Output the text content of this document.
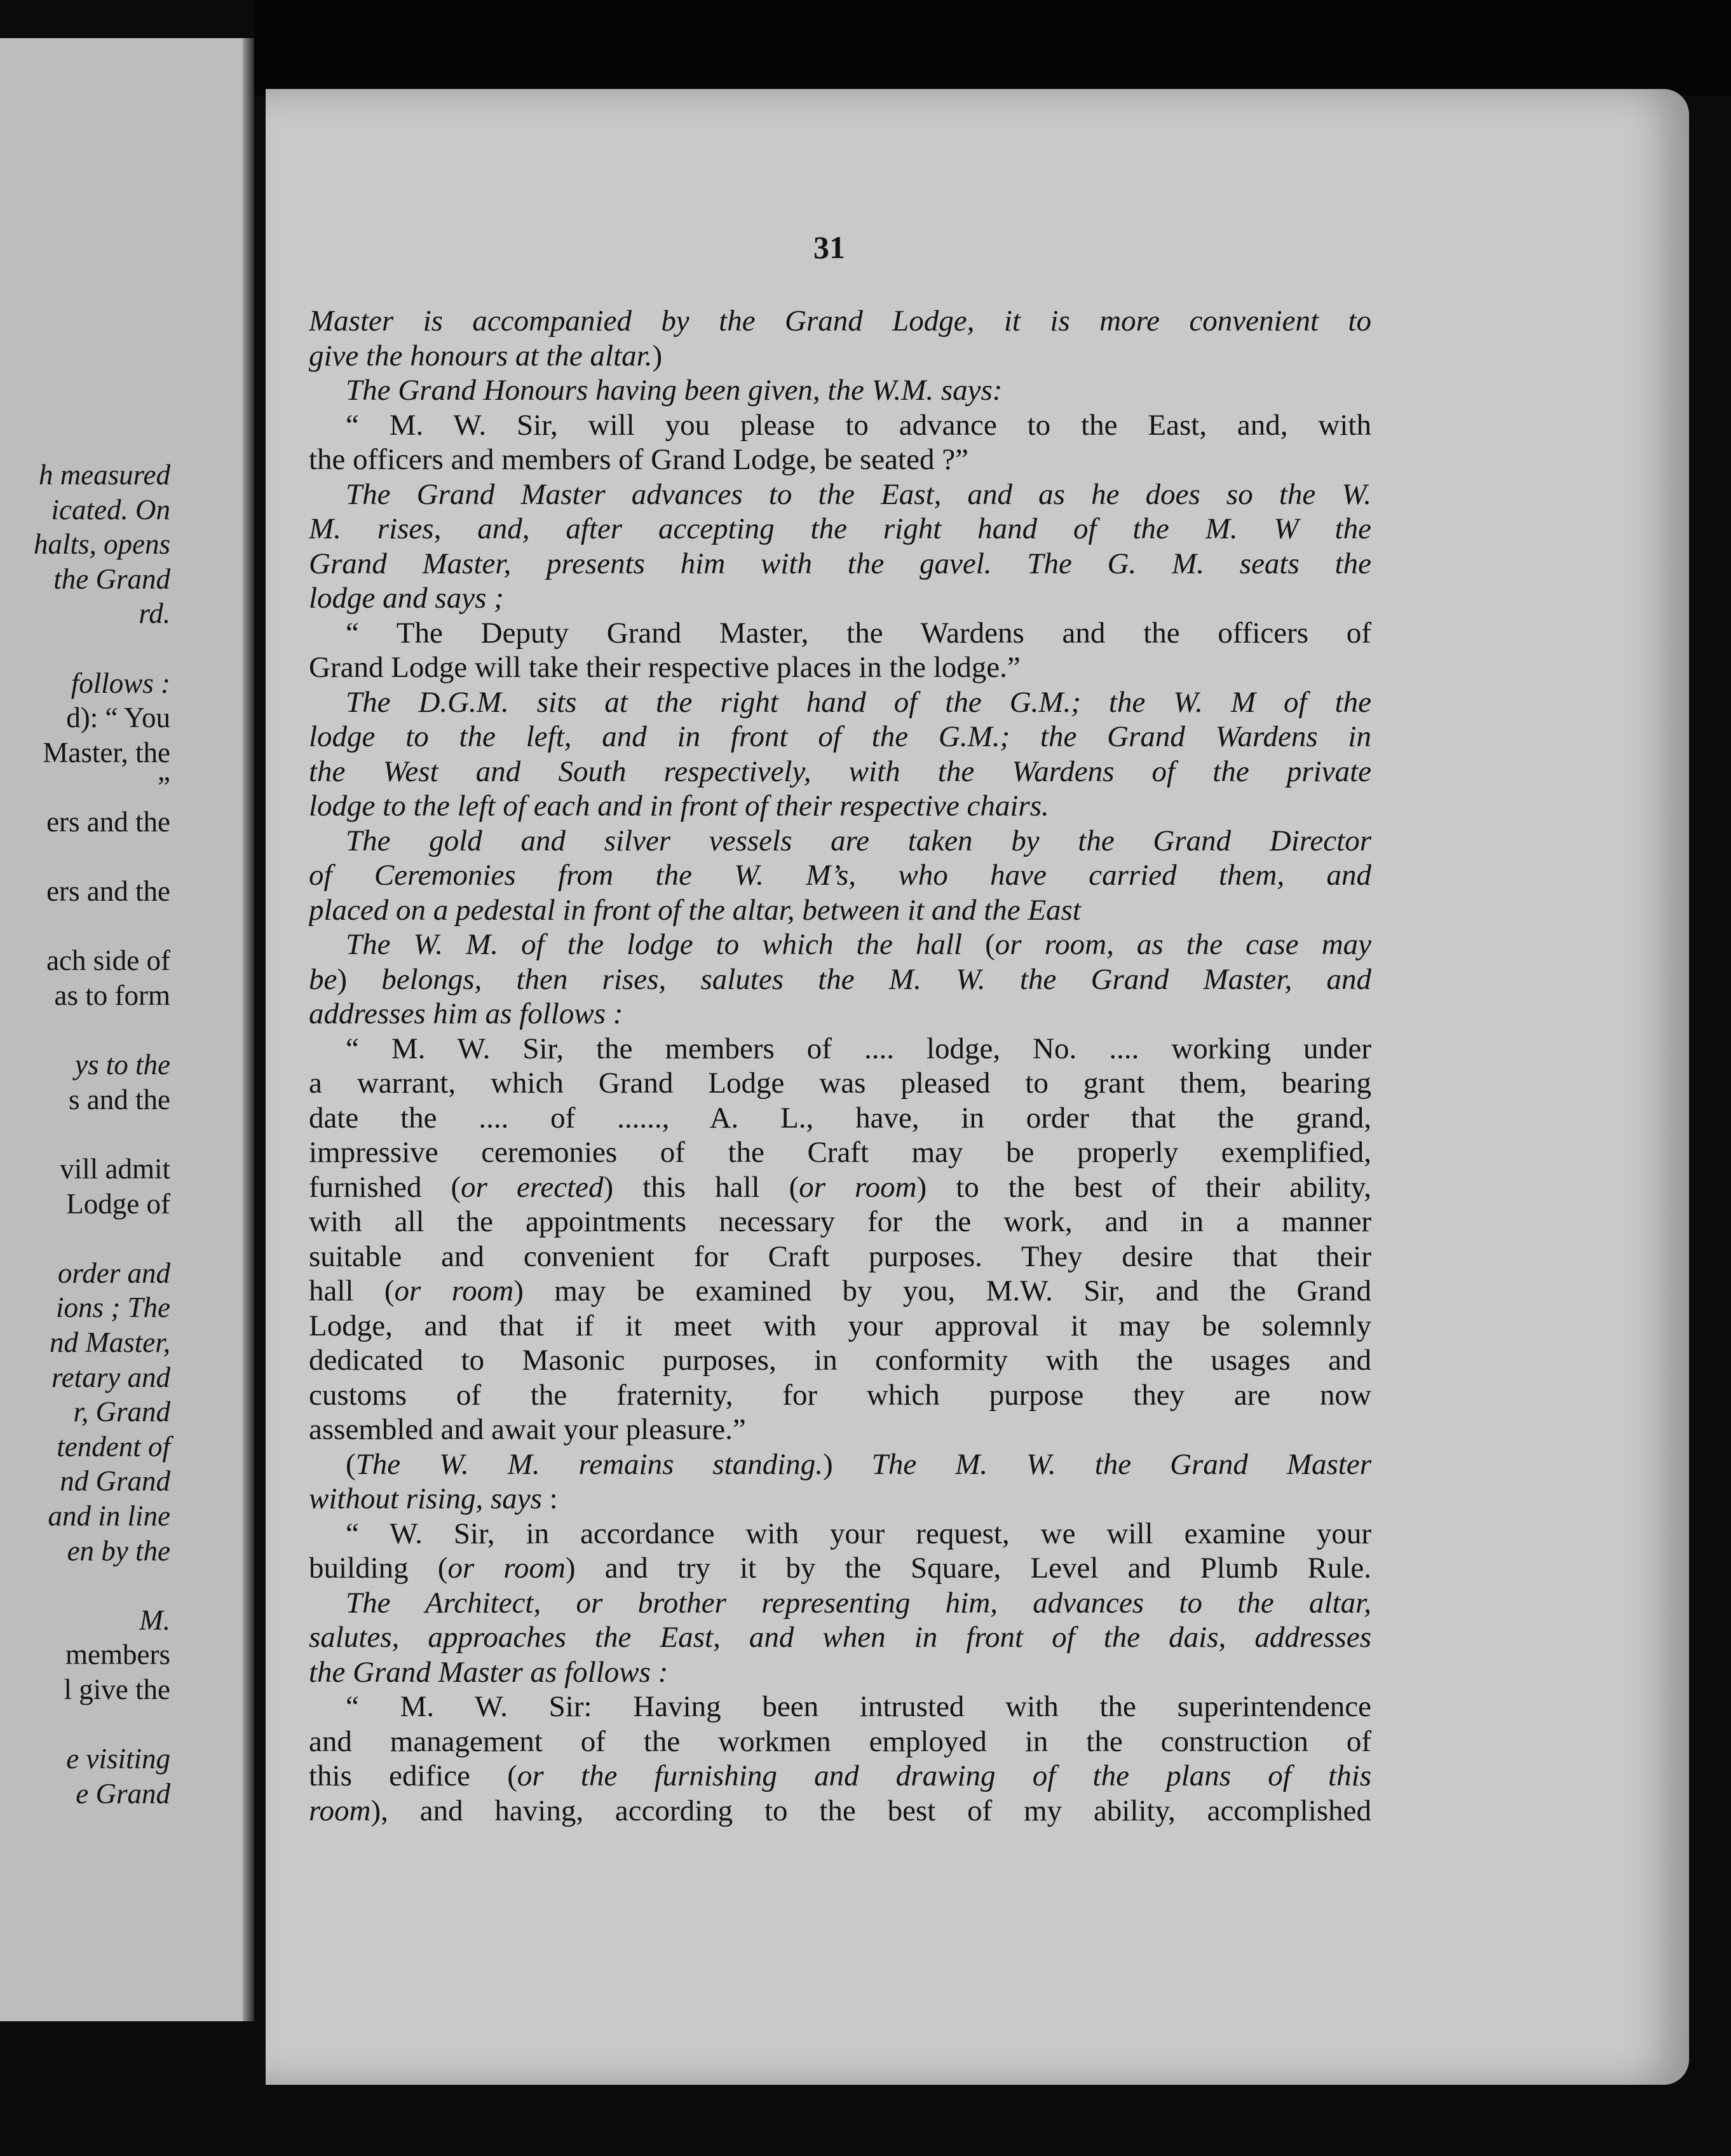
h measured
icated. On
halts, opens
the Grand
rd.
follows :
d): “ You
Master, the
”
ers and the
ers and the
ach side of
as to form
ys to the
s and the
vill admit
Lodge of
order and
ions ; The
nd Master,
retary and
r, Grand
tendent of
nd Grand
and in line
en by the
M.
members
l give the
e visiting
e Grand
31
Master is accompanied by the Grand Lodge, it is more convenient to
give the honours at the altar.)
The Grand Honours having been given, the W.M. says:
“ M. W. Sir, will you please to advance to the East, and, with
the officers and members of Grand Lodge, be seated ?”
The Grand Master advances to the East, and as he does so the W.
M. rises, and, after accepting the right hand of the M. W the
Grand Master, presents him with the gavel. The G. M. seats the
lodge and says ;
“ The Deputy Grand Master, the Wardens and the officers of
Grand Lodge will take their respective places in the lodge.”
The D.G.M. sits at the right hand of the G.M.; the W. M of the
lodge to the left, and in front of the G.M.; the Grand Wardens in
the West and South respectively, with the Wardens of the private
lodge to the left of each and in front of their respective chairs.
The gold and silver vessels are taken by the Grand Director
of Ceremonies from the W. M’s, who have carried them, and
placed on a pedestal in front of the altar, between it and the East
The W. M. of the lodge to which the hall (or room, as the case may
be) belongs, then rises, salutes the M. W. the Grand Master, and
addresses him as follows :
“ M. W. Sir, the members of .... lodge, No. .... working under
a warrant, which Grand Lodge was pleased to grant them, bearing
date the .... of ......, A. L., have, in order that the grand,
impressive ceremonies of the Craft may be properly exemplified,
furnished (or erected) this hall (or room) to the best of their ability,
with all the appointments necessary for the work, and in a manner
suitable and convenient for Craft purposes. They desire that their
hall (or room) may be examined by you, M.W. Sir, and the Grand
Lodge, and that if it meet with your approval it may be solemnly
dedicated to Masonic purposes, in conformity with the usages and
customs of the fraternity, for which purpose they are now
assembled and await your pleasure.”
(The W. M. remains standing.) The M. W. the Grand Master
without rising, says :
“ W. Sir, in accordance with your request, we will examine your
building (or room) and try it by the Square, Level and Plumb Rule.
The Architect, or brother representing him, advances to the altar,
salutes, approaches the East, and when in front of the dais, addresses
the Grand Master as follows :
“ M. W. Sir: Having been intrusted with the superintendence
and management of the workmen employed in the construction of
this edifice (or the furnishing and drawing of the plans of this
room), and having, according to the best of my ability, accomplished
